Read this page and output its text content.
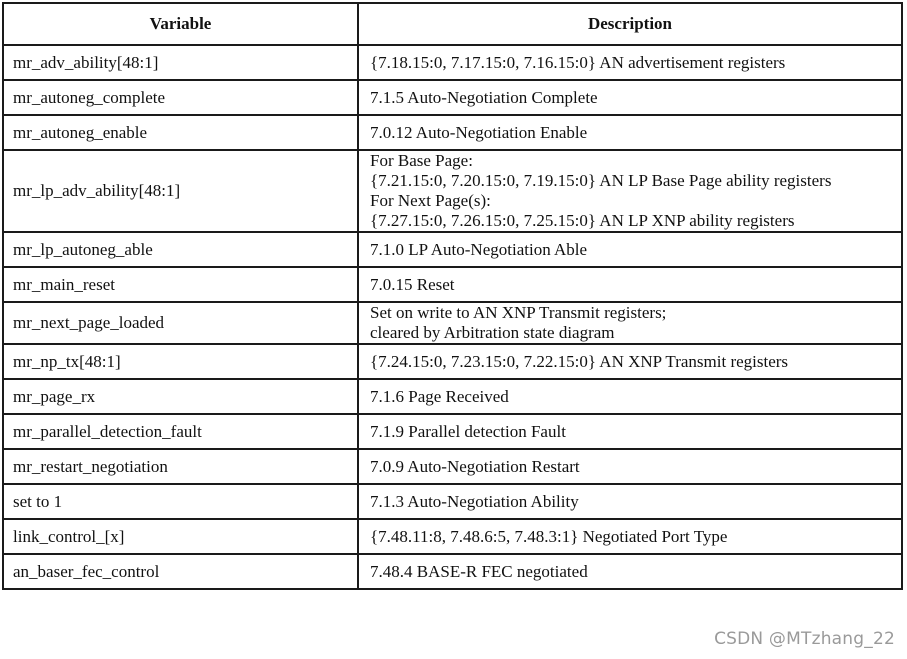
Variable	Description
mr_adv_ability[48:1]	{7.18.15:0, 7.17.15:0, 7.16.15:0} AN advertisement registers

mr_autoneg_complete	7.1.5 Auto-Negotiation Complete

mr_autoneg_enable	7.0.12 Auto-Negotiation Enable

mr_lp_adv_ability[48:1]	For Base Page:
{7.21.15:0, 7.20.15:0, 7.19.15:0} AN LP Base Page ability registers
For Next Page(s):
{7.27.15:0, 7.26.15:0, 7.25.15:0} AN LP XNP ability registers

mr_lp_autoneg_able	7.1.0 LP Auto-Negotiation Able

mr_main_reset	7.0.15 Reset

mr_next_page_loaded	Set on write to AN XNP Transmit registers;
cleared by Arbitration state diagram

mr_np_tx[48:1]	{7.24.15:0, 7.23.15:0, 7.22.15:0} AN XNP Transmit registers

mr_page_rx	7.1.6 Page Received

mr_parallel_detection_fault	7.1.9 Parallel detection Fault

mr_restart_negotiation	7.0.9 Auto-Negotiation Restart

set to 1	7.1.3 Auto-Negotiation Ability

link_control_[x]	{7.48.11:8, 7.48.6:5, 7.48.3:1} Negotiated Port Type

an_baser_fec_control	7.48.4 BASE-R FEC negotiated
CSDN @MTzhang_22
